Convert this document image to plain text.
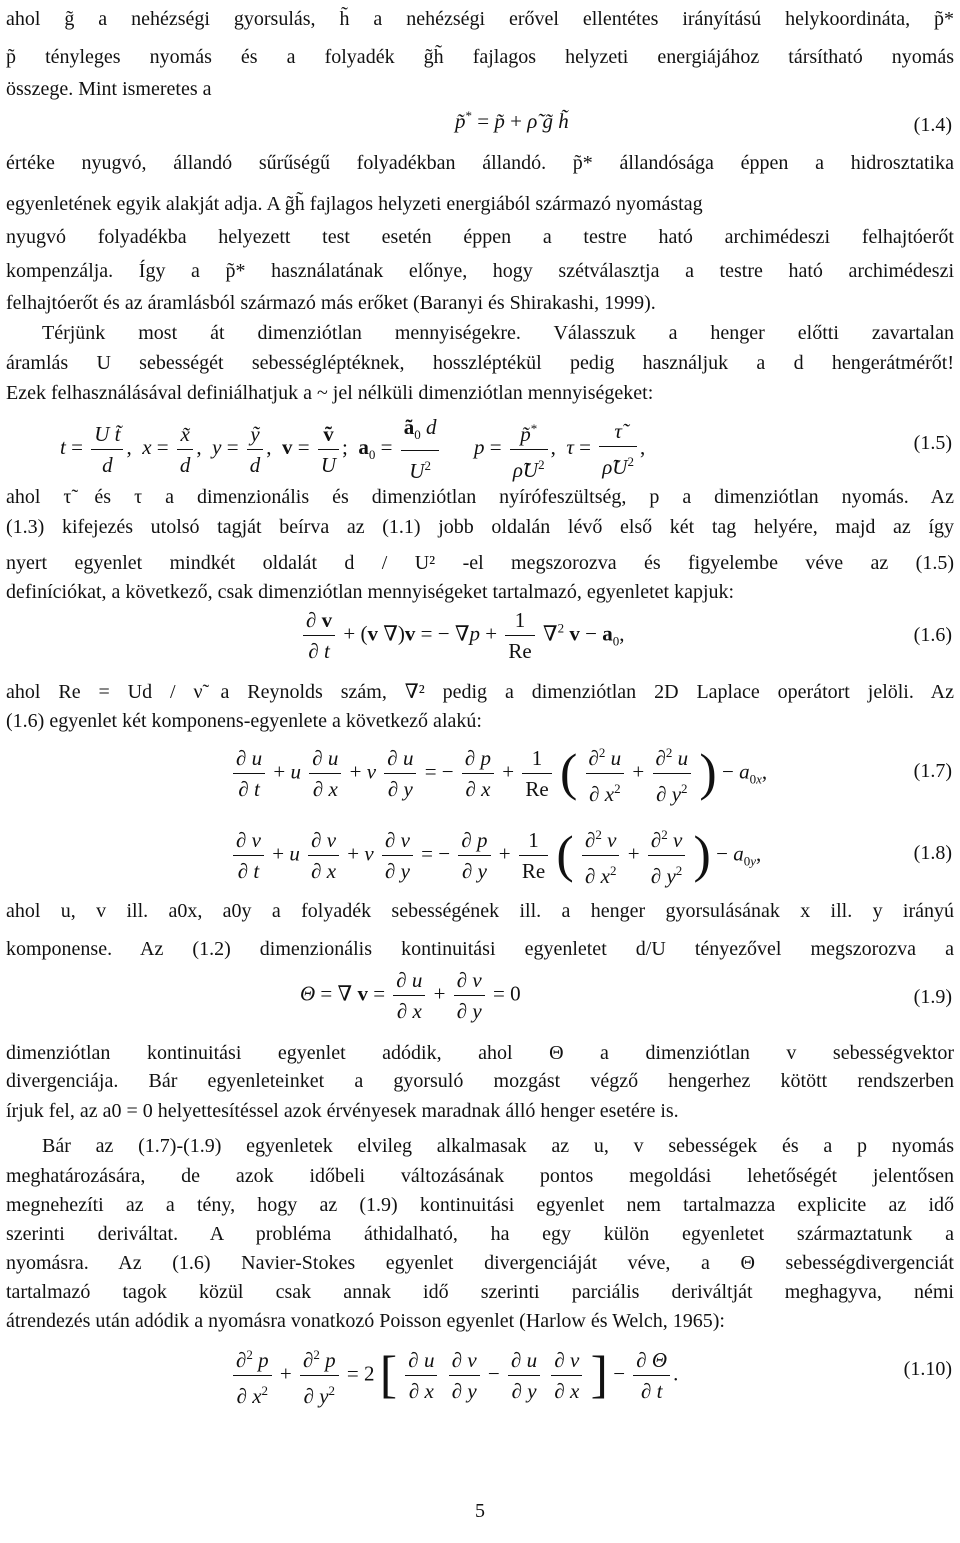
ahol g̃ a nehézségi gyorsulás, h̃ a nehézségi erővel ellentétes irányítású helykoordináta, p̃*
p̃ tényleges nyomás és a folyadék g̃h̃ fajlagos helyzeti energiájához társítható nyomás
összege. Mint ismeretes a
p̃* = p̃ + ρ̃ g̃ h̃	(1.4)
értéke nyugvó, állandó sűrűségű folyadékban állandó. p̃* állandósága éppen a hidrosztatika
egyenletének egyik alakját adja. A g̃h̃ fajlagos helyzeti energiából származó nyomástag
nyugvó folyadékba helyezett test esetén éppen a testre ható archimédeszi felhajtóerőt
kompenzálja. Így a p̃* használatának előnye, hogy szétválasztja a testre ható archimédeszi
felhajtóerőt és az áramlásból származó más erőket (Baranyi és Shirakashi, 1999).
Térjünk most át dimenziótlan mennyiségekre. Válasszuk a henger előtti zavartalan
áramlás U sebességét sebességléptéknek, hosszléptékül pedig használjuk a d hengerátmérőt!
Ezek felhasználásával definiálhatjuk a ~ jel nélküli dimenziótlan mennyiségeket:
$t = \frac{\text{U t̃}}{d}$ ,  $x = \frac{x̃}{d}$ ,  $y = \frac{\text{ỹ}}{d}$ ,  $v = \frac{\text{ṽ}}{U}$ ;  $a_0 = \frac{ã_0 d}{U^2}$ $p = \frac{p̃^*}{\rhõU^2}$ ,  $\tau = \frac{\taũ}{\rhõU^2}$ ,	(1.5)
ahol τ̃ és τ a dimenzionális és dimenziótlan nyírófeszültség, p a dimenziótlan nyomás. Az
(1.3) kifejezés utolsó tagját beírva az (1.1) jobb oldalán lévő első két tag helyére, majd az így
nyert egyenlet mindkét oldalát d / U² -el megszorozva és figyelembe véve az (1.5)
definíciókat, a következő, csak dimenziótlan mennyiségeket tartalmazó, egyenletet kapjuk:
$\frac{\partial v}{\partial t} + (v$ ∇)v = − $\nabla p + \frac{1}{Re} \nabla^2$ $v - a_0$,	(1.6)
ahol Re = Ud / ν̃ a Reynolds szám, ∇² pedig a dimenziótlan 2D Laplace operátort jelöli. Az
(1.6) egyenlet két komponens-egyenlete a következő alakú:
$\frac{\partial u}{\partial t} + u \frac{\partial u}{\partial x} + v \frac{\partial u}{\partial y}$ = − $\frac{\partial p}{\partial x} + \frac{1}{Re}$ ( $\frac{\partial^2 u}{\partial x^2} + \frac{\partial^2 u}{\partial y^2}$ ) − $a_{0x}$,	(1.7)
$\frac{\partial v}{\partial t} + u \frac{\partial v}{\partial x} + v \frac{\partial v}{\partial y}$ = − $\frac{\partial p}{\partial y} + \frac{1}{Re}$ ( $\frac{\partial^2 v}{\partial x^2} + \frac{\partial^2 v}{\partial y^2}$ ) − $a_{0y}$,	(1.8)
ahol u, v ill. a0x, a0y a folyadék sebességének ill. a henger gyorsulásának x ill. y irányú
komponense. Az (1.2) dimenzionális kontinuitási egyenletet d/U tényezővel megszorozva a
Θ = ∇ $v = \frac{\partial u}{\partial x} + \frac{\partial v}{\partial y} = 0$	(1.9)
dimenziótlan kontinuitási egyenlet adódik, ahol Θ a dimenziótlan v sebességvektor
divergenciája. Bár egyenleteinket a gyorsuló mozgást végző hengerhez kötött rendszerben
írjuk fel, az a0 = 0 helyettesítéssel azok érvényesek maradnak álló henger esetére is.
Bár az (1.7)-(1.9) egyenletek elvileg alkalmasak az u, v sebességek és a p nyomás
meghatározására, de azok időbeli változásának pontos megoldási lehetőségét jelentősen
megnehezíti az a tény, hogy az (1.9) kontinuitási egyenlet nem tartalmazza explicite az idő
szerinti deriváltat. A probléma áthidalható, ha egy külön egyenletet származtatunk a
nyomásra. Az (1.6) Navier-Stokes egyenlet divergenciáját véve, a Θ sebességdivergenciát
tartalmazó tagok közül csak annak idő szerinti parciális deriváltját meghagyva, némi
átrendezés után adódik a nyomásra vonatkozó Poisson egyenlet (Harlow és Welch, 1965):
$\frac{\partial^2 p}{\partial x^2} + \frac{\partial^2 p}{\partial y^2} = 2$ [ $\frac{\partial u}{\partial x}$
$\frac{\partial v}{\partial y} - \frac{\partial u}{\partial y}$
$\frac{\partial v}{\partial x}$ ] − $\frac{\partial \Theta}{\partial t}$ .	(1.10)
5
